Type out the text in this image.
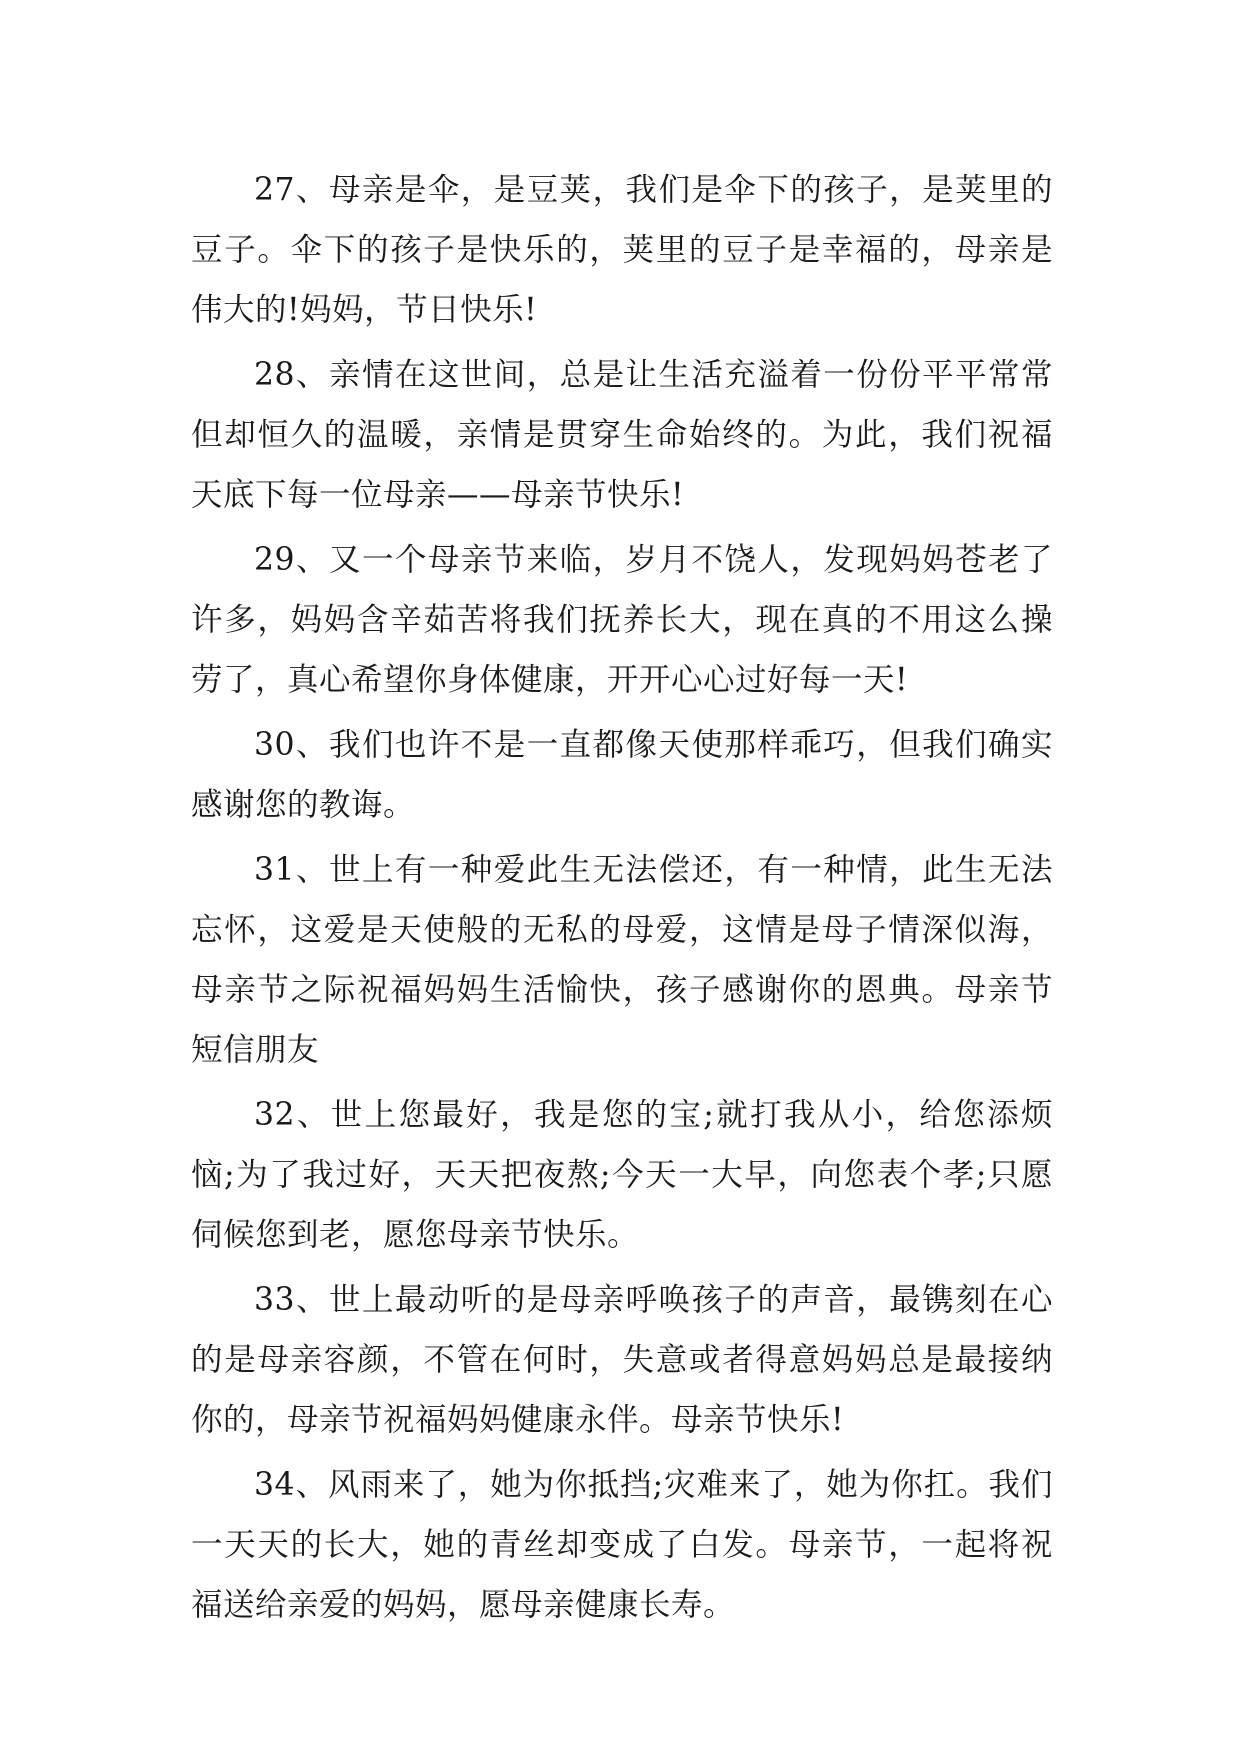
27、母亲是伞，是豆荚，我们是伞下的孩子，是荚里的豆子。伞下的孩子是快乐的，荚里的豆子是幸福的，母亲是伟大的!妈妈，节日快乐!

28、亲情在这世间，总是让生活充溢着一份份平平常常但却恒久的温暖，亲情是贯穿生命始终的。为此，我们祝福天底下每一位母亲——母亲节快乐!

29、又一个母亲节来临，岁月不饶人，发现妈妈苍老了许多，妈妈含辛茹苦将我们抚养长大，现在真的不用这么操劳了，真心希望你身体健康，开开心心过好每一天!

30、我们也许不是一直都像天使那样乖巧，但我们确实感谢您的教诲。

31、世上有一种爱此生无法偿还，有一种情，此生无法忘怀，这爱是天使般的无私的母爱，这情是母子情深似海，母亲节之际祝福妈妈生活愉快，孩子感谢你的恩典。母亲节短信朋友

32、世上您最好，我是您的宝;就打我从小，给您添烦恼;为了我过好，天天把夜熬;今天一大早，向您表个孝;只愿伺候您到老，愿您母亲节快乐。

33、世上最动听的是母亲呼唤孩子的声音，最镌刻在心的是母亲容颜，不管在何时，失意或者得意妈妈总是最接纳你的，母亲节祝福妈妈健康永伴。母亲节快乐!

34、风雨来了，她为你抵挡;灾难来了，她为你扛。我们一天天的长大，她的青丝却变成了白发。母亲节，一起将祝福送给亲爱的妈妈，愿母亲健康长寿。
